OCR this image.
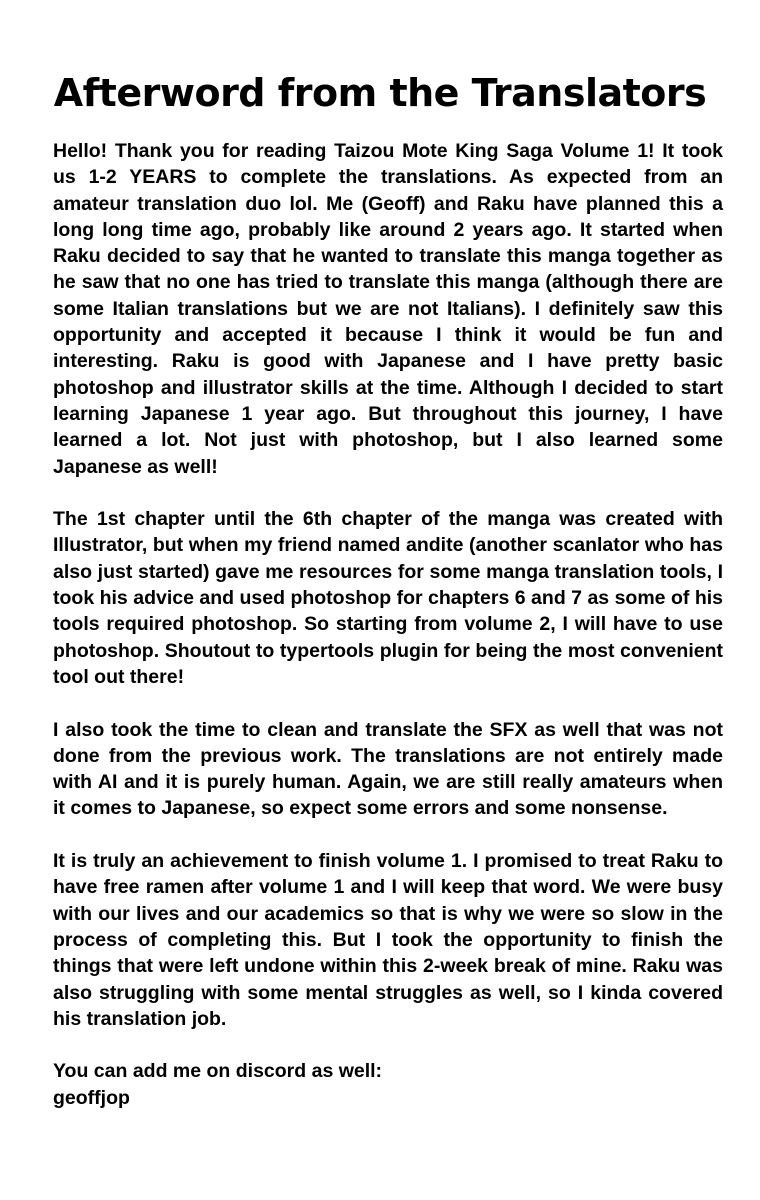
Afterword from the Translators

Hello! Thank you for reading Taizou Mote King Saga Volume 1! It took us 1-2 YEARS to complete the translations. As expected from an amateur translation duo lol. Me (Geoff) and Raku have planned this a long long time ago, probably like around 2 years ago. It started when Raku decided to say that he wanted to translate this manga together as he saw that no one has tried to translate this manga (although there are some Italian translations but we are not Italians). I definitely saw this opportunity and accepted it because I think it would be fun and interesting. Raku is good with Japanese and I have pretty basic photoshop and illustrator skills at the time. Although I decided to start learning Japanese 1 year ago. But throughout this journey, I have learned a lot. Not just with photoshop, but I also learned some Japanese as well!

The 1st chapter until the 6th chapter of the manga was created with Illustrator, but when my friend named andite (another scanlator who has also just started) gave me resources for some manga translation tools, I took his advice and used photoshop for chapters 6 and 7 as some of his tools required photoshop. So starting from volume 2, I will have to use photoshop. Shoutout to typertools plugin for being the most convenient tool out there!

I also took the time to clean and translate the SFX as well that was not done from the previous work. The translations are not entirely made with AI and it is purely human. Again, we are still really amateurs when it comes to Japanese, so expect some errors and some nonsense.

It is truly an achievement to finish volume 1. I promised to treat Raku to have free ramen after volume 1 and I will keep that word. We were busy with our lives and our academics so that is why we were so slow in the process of completing this. But I took the opportunity to finish the things that were left undone within this 2-week break of mine. Raku was also struggling with some mental struggles as well, so I kinda covered his translation job.

You can add me on discord as well:
geoffjop
